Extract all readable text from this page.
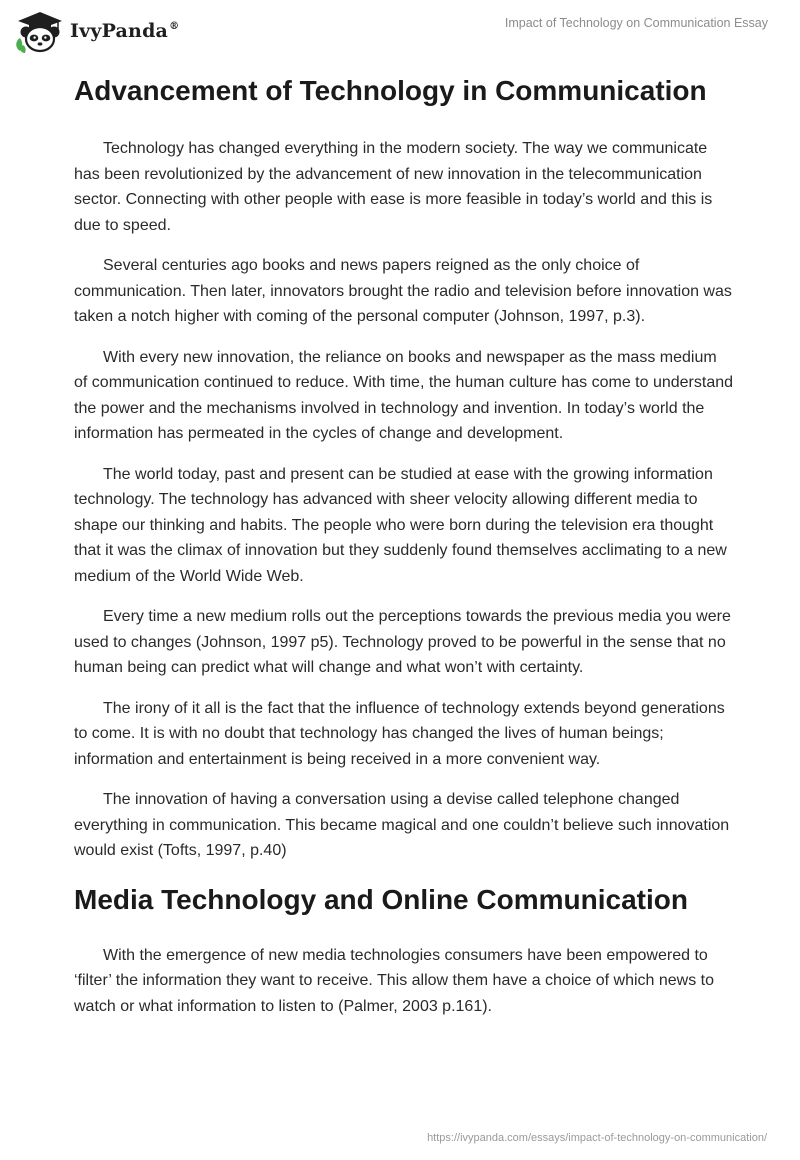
IvyPanda®	Impact of Technology on Communication Essay
Advancement of Technology in Communication

Technology has changed everything in the modern society. The way we communicate has been revolutionized by the advancement of new innovation in the telecommunication sector. Connecting with other people with ease is more feasible in today’s world and this is due to speed.

Several centuries ago books and news papers reigned as the only choice of communication. Then later, innovators brought the radio and television before innovation was taken a notch higher with coming of the personal computer (Johnson, 1997, p.3).

With every new innovation, the reliance on books and newspaper as the mass medium of communication continued to reduce. With time, the human culture has come to understand the power and the mechanisms involved in technology and invention. In today’s world the information has permeated in the cycles of change and development.

The world today, past and present can be studied at ease with the growing information technology. The technology has advanced with sheer velocity allowing different media to shape our thinking and habits. The people who were born during the television era thought that it was the climax of innovation but they suddenly found themselves acclimating to a new medium of the World Wide Web.

Every time a new medium rolls out the perceptions towards the previous media you were used to changes (Johnson, 1997 p5). Technology proved to be powerful in the sense that no human being can predict what will change and what won’t with certainty.

The irony of it all is the fact that the influence of technology extends beyond generations to come. It is with no doubt that technology has changed the lives of human beings; information and entertainment is being received in a more convenient way.

The innovation of having a conversation using a devise called telephone changed everything in communication. This became magical and one couldn’t believe such innovation would exist (Tofts, 1997, p.40)

Media Technology and Online Communication

With the emergence of new media technologies consumers have been empowered to ‘filter’ the information they want to receive. This allow them have a choice of which news to watch or what information to listen to (Palmer, 2003 p.161).

https://ivypanda.com/essays/impact-of-technology-on-communication/
